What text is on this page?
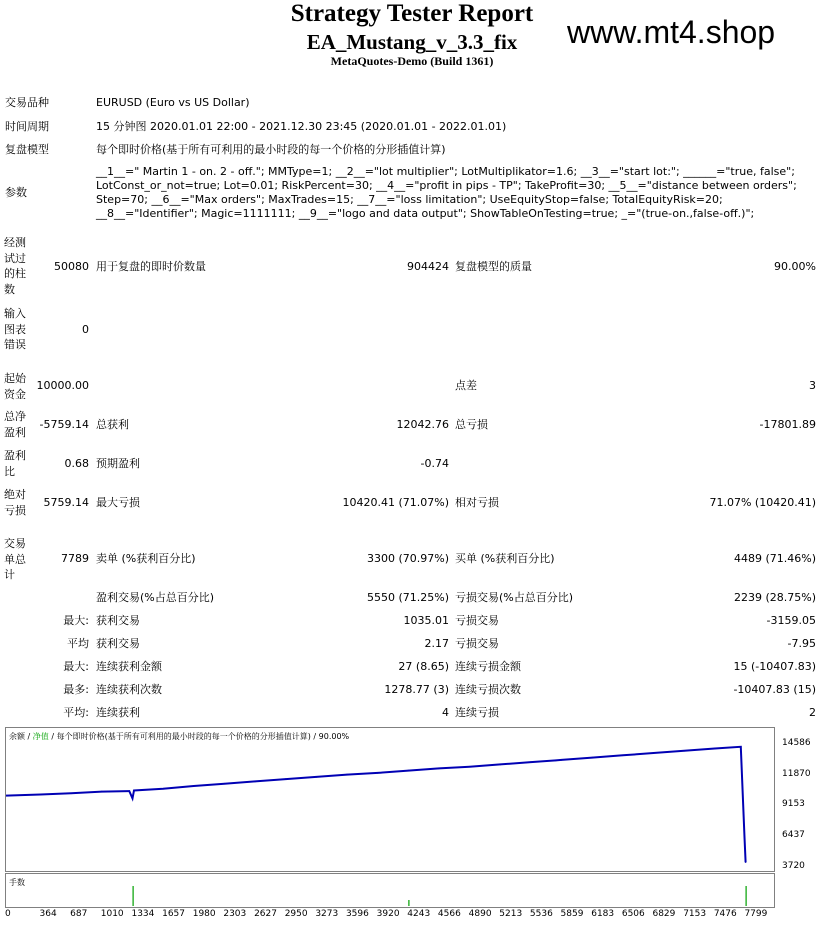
Strategy Tester Report
EA_Mustang_v_3.3_fix
MetaQuotes-Demo (Build 1361)
www.mt4.shop
交易品种	EURUSD (Euro vs US Dollar)
时间周期	15 分钟图 2020.01.01 22:00 - 2021.12.30 23:45 (2020.01.01 - 2022.01.01)
复盘模型	每个即时价格(基于所有可利用的最小时段的每一个价格的分形插值计算)
参数
__1__=" Martin 1 - on. 2 - off."; MMType=1; __2__="lot multiplier"; LotMultiplikator=1.6; __3__="start lot:"; ______="true, false"; LotConst_or_not=true; Lot=0.01; RiskPercent=30; __4__="profit in pips - TP"; TakeProfit=30; __5__="distance between orders"; Step=70; __6__="Max orders"; MaxTrades=15; __7__="loss limitation"; UseEquityStop=false; TotalEquityRisk=20; __8__="Identifier"; Magic=1111111; __9__="logo and data output"; ShowTableOnTesting=true; _="(true-on.,false-off.)";
经测试过的柱数
50080 用于复盘的即时价数量	904424 复盘模型的质量	90.00%
输入图表错误
0
起始资金
10000.00	点差	3
总净盈利
-5759.14 总获利	12042.76 总亏损	-17801.89
盈利比
0.68 预期盈利	-0.74
绝对亏损
5759.14 最大亏损	10420.41 (71.07%) 相对亏损	71.07% (10420.41)
交易单总计
7789 卖单 (%获利百分比)	3300 (70.97%) 买单 (%获利百分比)	4489 (71.46%)
盈利交易(%占总百分比)	5550 (71.25%) 亏损交易(%占总百分比)	2239 (28.75%)
最大: 获利交易	1035.01 亏损交易	-3159.05
平均 获利交易	2.17 亏损交易	-7.95
最大: 连续获利金额	27 (8.65) 连续亏损金额	15 (-10407.83)
最多: 连续获利次数	1278.77 (3) 连续亏损次数	-10407.83 (15)
平均: 连续获利	4 连续亏损	2
余额 / 净值 / 每个即时价格(基于所有可利用的最小时段的每一个价格的分形插值计算) / 90.00%
14586
11870
9153
6437
3720
手数
0	364 687 1010 1334 1657 1980 2303 2627 2950 3273 3596 3920 4243 4566 4890 5213 5536 5859 6183 6506 6829 7153 7476 7799
